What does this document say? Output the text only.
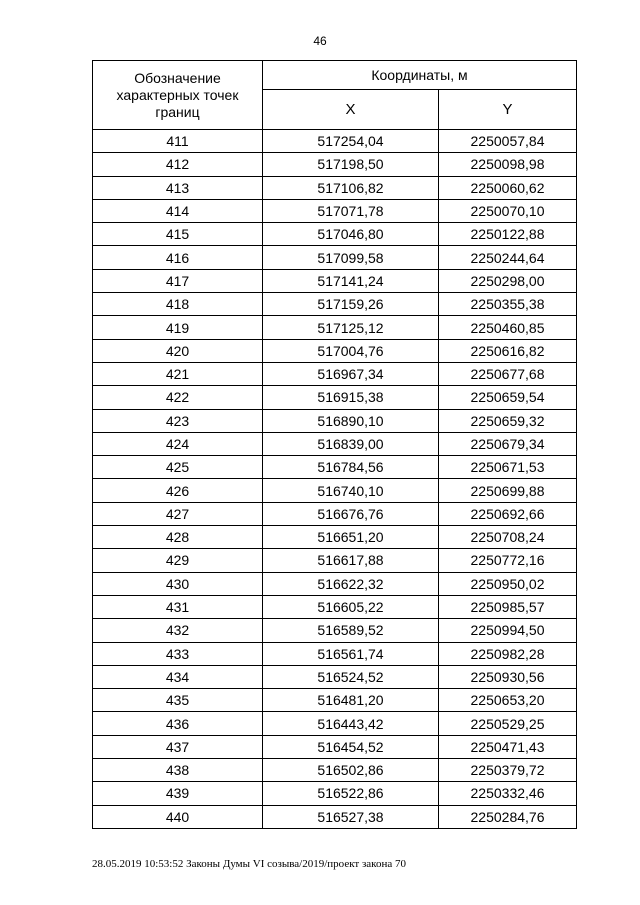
46
Обозначение характерных точек границ	Координаты, м	
	X	Y
411	517254,04	2250057,84
412	517198,50	2250098,98
413	517106,82	2250060,62
414	517071,78	2250070,10
415	517046,80	2250122,88
416	517099,58	2250244,64
417	517141,24	2250298,00
418	517159,26	2250355,38
419	517125,12	2250460,85
420	517004,76	2250616,82
421	516967,34	2250677,68
422	516915,38	2250659,54
423	516890,10	2250659,32
424	516839,00	2250679,34
425	516784,56	2250671,53
426	516740,10	2250699,88
427	516676,76	2250692,66
428	516651,20	2250708,24
429	516617,88	2250772,16
430	516622,32	2250950,02
431	516605,22	2250985,57
432	516589,52	2250994,50
433	516561,74	2250982,28
434	516524,52	2250930,56
435	516481,20	2250653,20
436	516443,42	2250529,25
437	516454,52	2250471,43
438	516502,86	2250379,72
439	516522,86	2250332,46
440	516527,38	2250284,76
28.05.2019 10:53:52 Законы Думы VI созыва/2019/проект закона 70
